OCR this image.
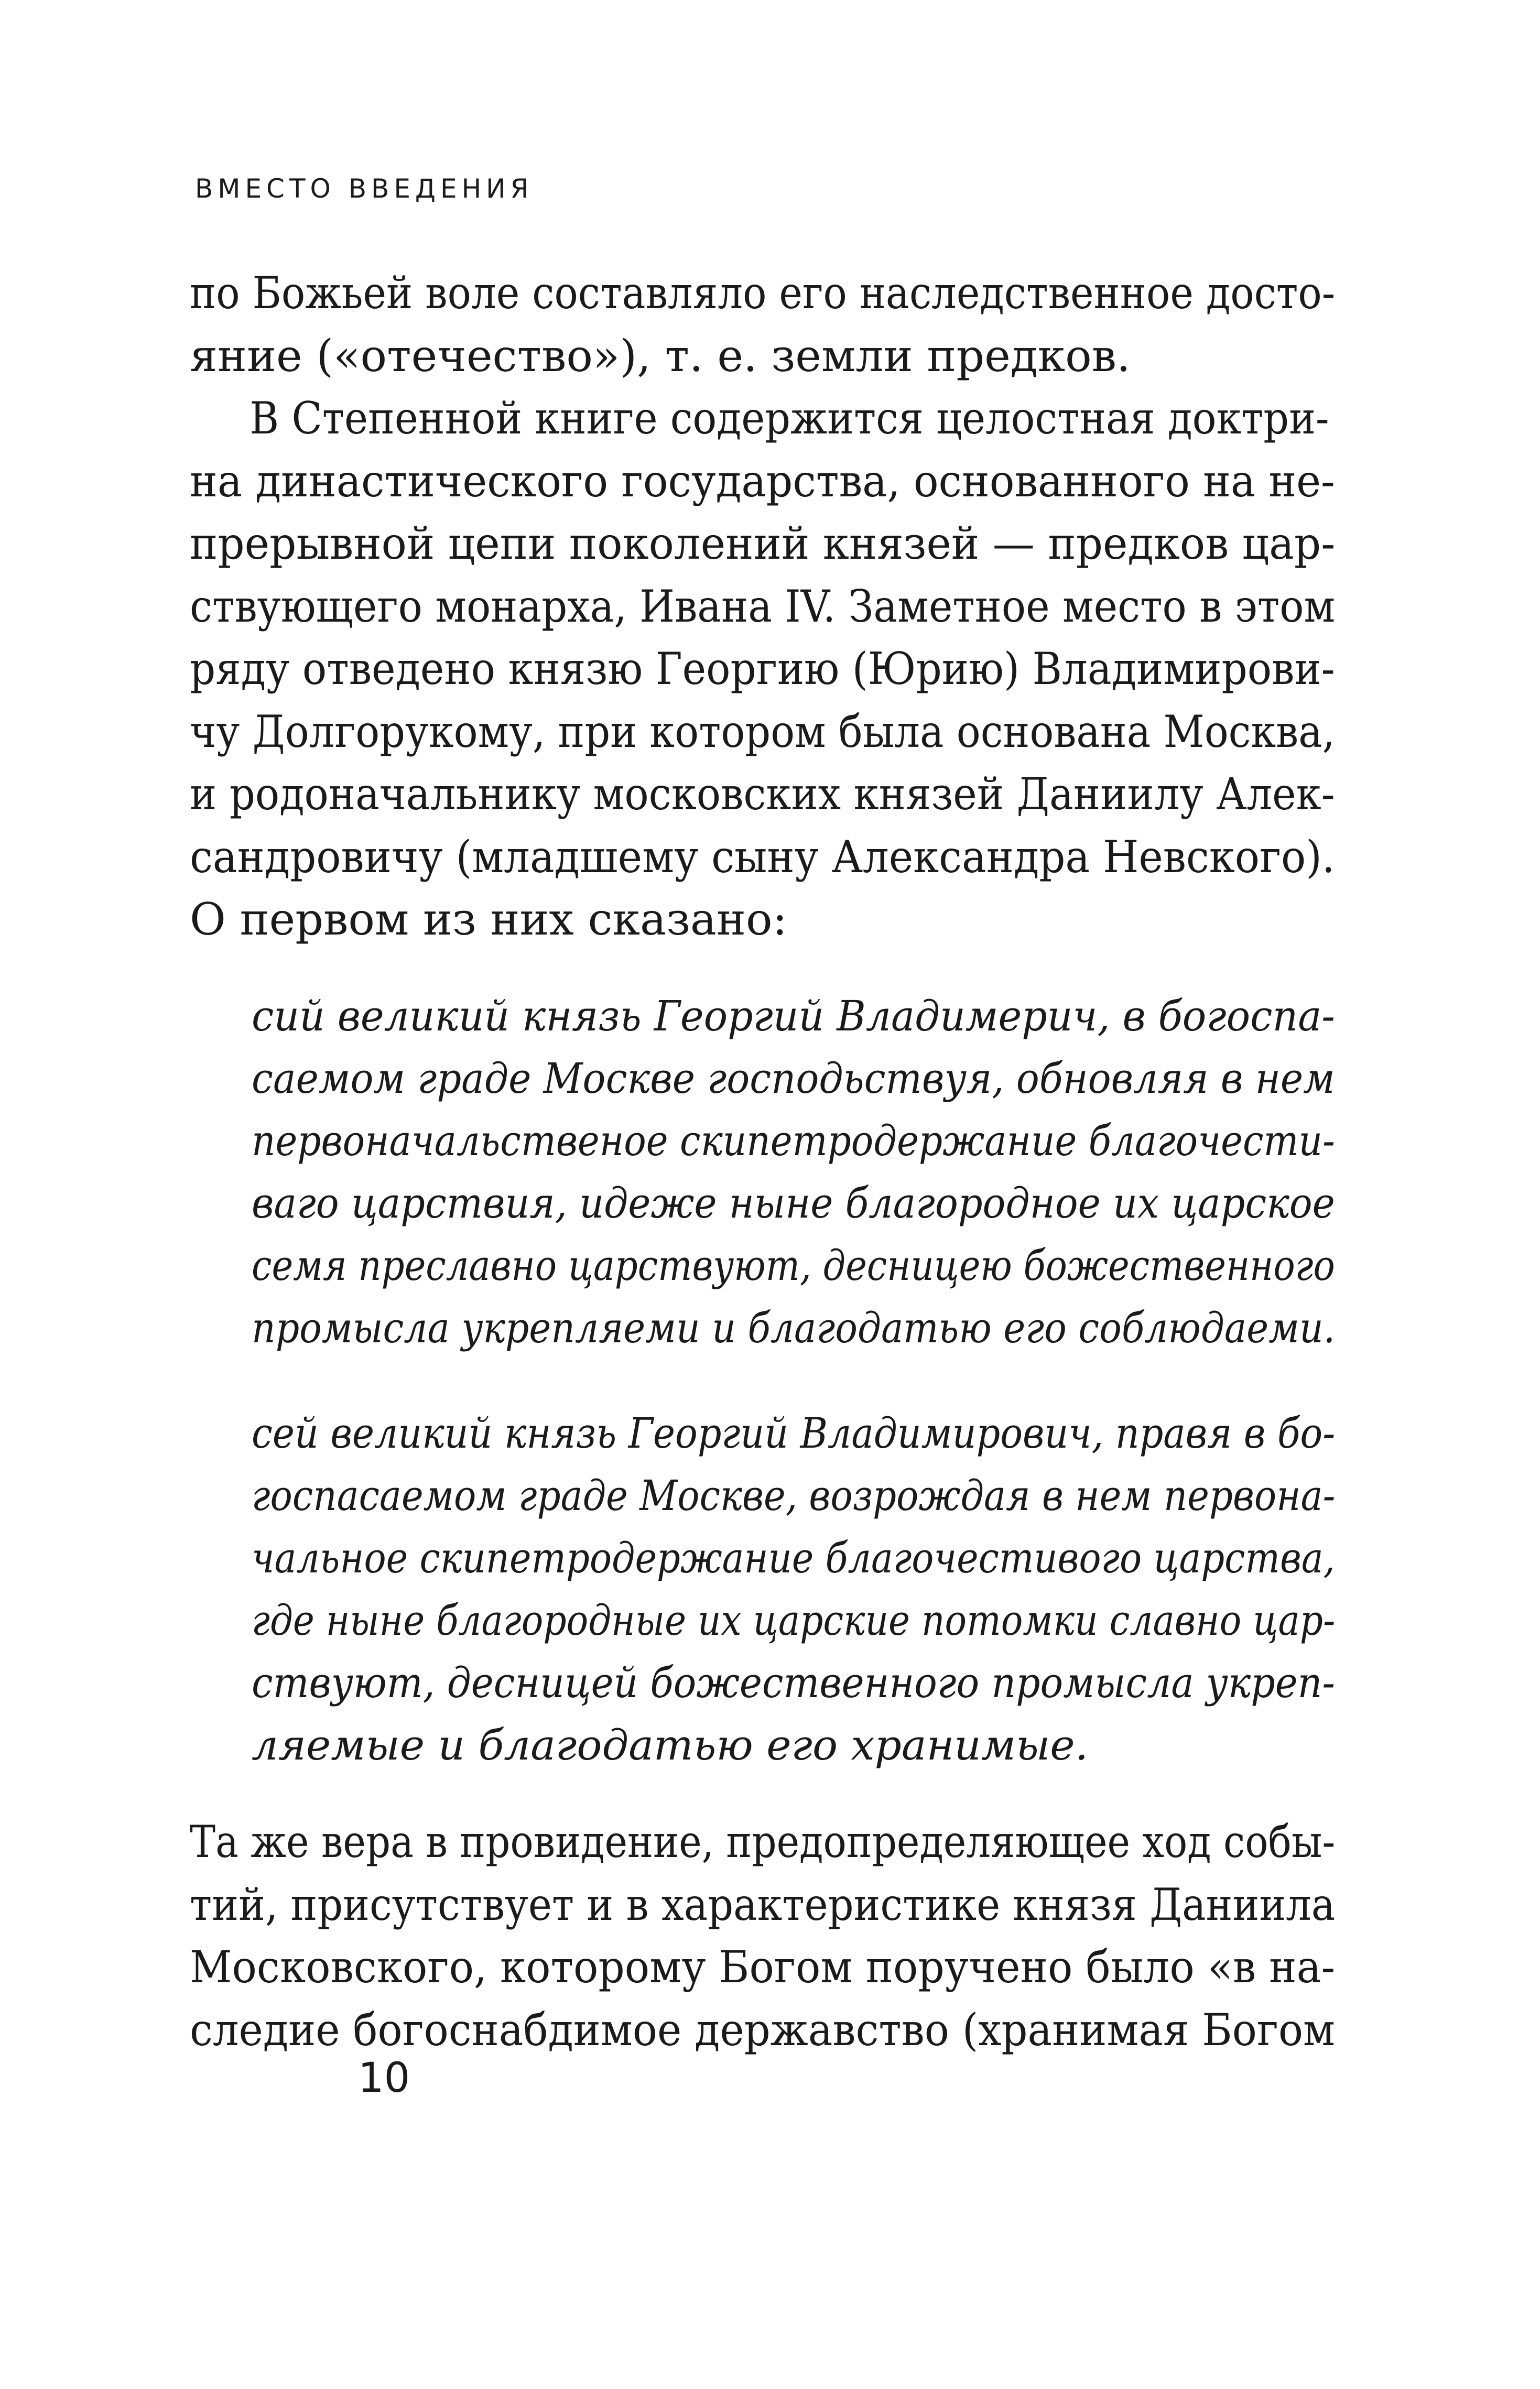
ВМЕСТО ВВЕДЕНИЯ
по Божьей воле составляло его наследственное досто-
яние («отечество»), т. е. земли предков.
В Степенной книге содержится целостная доктри-
на династического государства, основанного на не-
прерывной цепи поколений князей — предков цар-
ствующего монарха, Ивана IV. Заметное место в этом
ряду отведено князю Георгию (Юрию) Владимирови-
чу Долгорукому, при котором была основана Москва,
и родоначальнику московских князей Даниилу Алек-
сандровичу (младшему сыну Александра Невского).
О первом из них сказано:
сий великий князь Георгий Владимерич, в богоспа-
саемом граде Москве господьствуя, обновляя в нем
первоначальственое скипетродержание благочести-
ваго царствия, идеже ныне благородное их царское
семя преславно царствуют, десницею божественного
промысла укрепляеми и благодатью его соблюдаеми.
сей великий князь Георгий Владимирович, правя в бо-
госпасаемом граде Москве, возрождая в нем первона-
чальное скипетродержание благочестивого царства,
где ныне благородные их царские потомки славно цар-
ствуют, десницей божественного промысла укреп-
ляемые и благодатью его хранимые.
Та же вера в провидение, предопределяющее ход собы-
тий, присутствует и в характеристике князя Даниила
Московского, которому Богом поручено было «в на-
следие богоснабдимое державство (хранимая Богом
10
